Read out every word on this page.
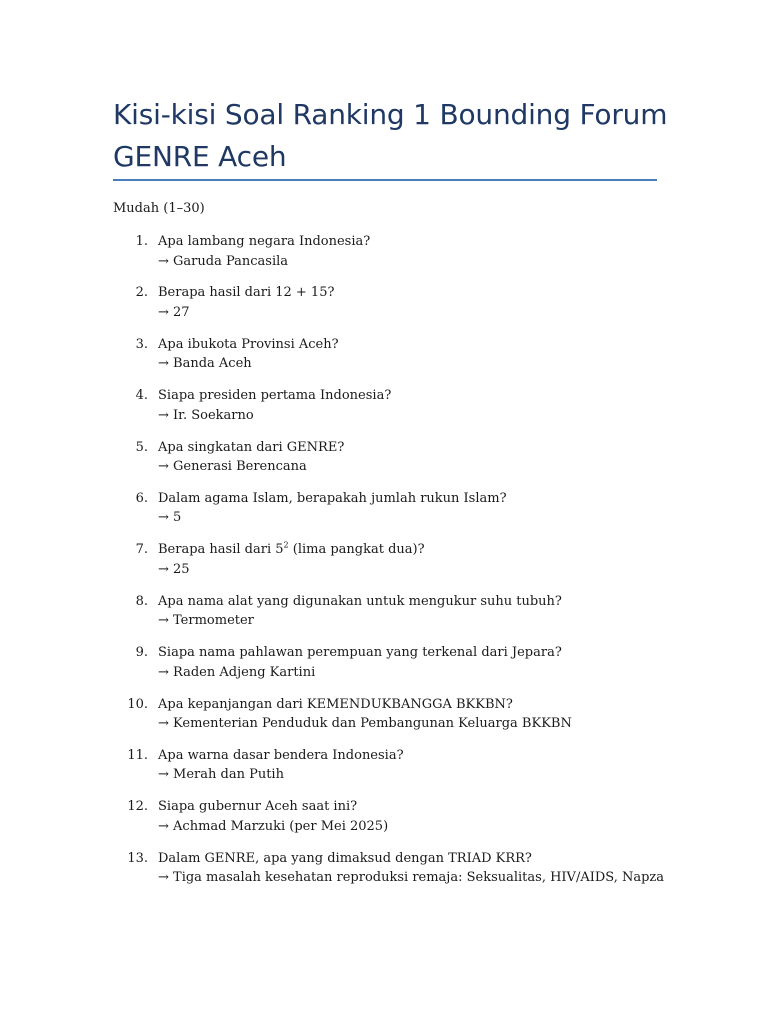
Kisi-kisi Soal Ranking 1 Bounding Forum
GENRE Aceh
Mudah (1–30)
1. Apa lambang negara Indonesia?
→ Garuda Pancasila
2. Berapa hasil dari 12 + 15?
→ 27
3. Apa ibukota Provinsi Aceh?
→ Banda Aceh
4. Siapa presiden pertama Indonesia?
→ Ir. Soekarno
5. Apa singkatan dari GENRE?
→ Generasi Berencana
6. Dalam agama Islam, berapakah jumlah rukun Islam?
→ 5
7. Berapa hasil dari $5^2$ (lima pangkat dua)?
→ 25
8. Apa nama alat yang digunakan untuk mengukur suhu tubuh?
→ Termometer
9. Siapa nama pahlawan perempuan yang terkenal dari Jepara?
→ Raden Adjeng Kartini
10. Apa kepanjangan dari KEMENDUKBANGGA BKKBN?
→ Kementerian Penduduk dan Pembangunan Keluarga BKKBN
11. Apa warna dasar bendera Indonesia?
→ Merah dan Putih
12. Siapa gubernur Aceh saat ini?
→ Achmad Marzuki (per Mei 2025)
13. Dalam GENRE, apa yang dimaksud dengan TRIAD KRR?
→ Tiga masalah kesehatan reproduksi remaja: Seksualitas, HIV/AIDS, Napza
